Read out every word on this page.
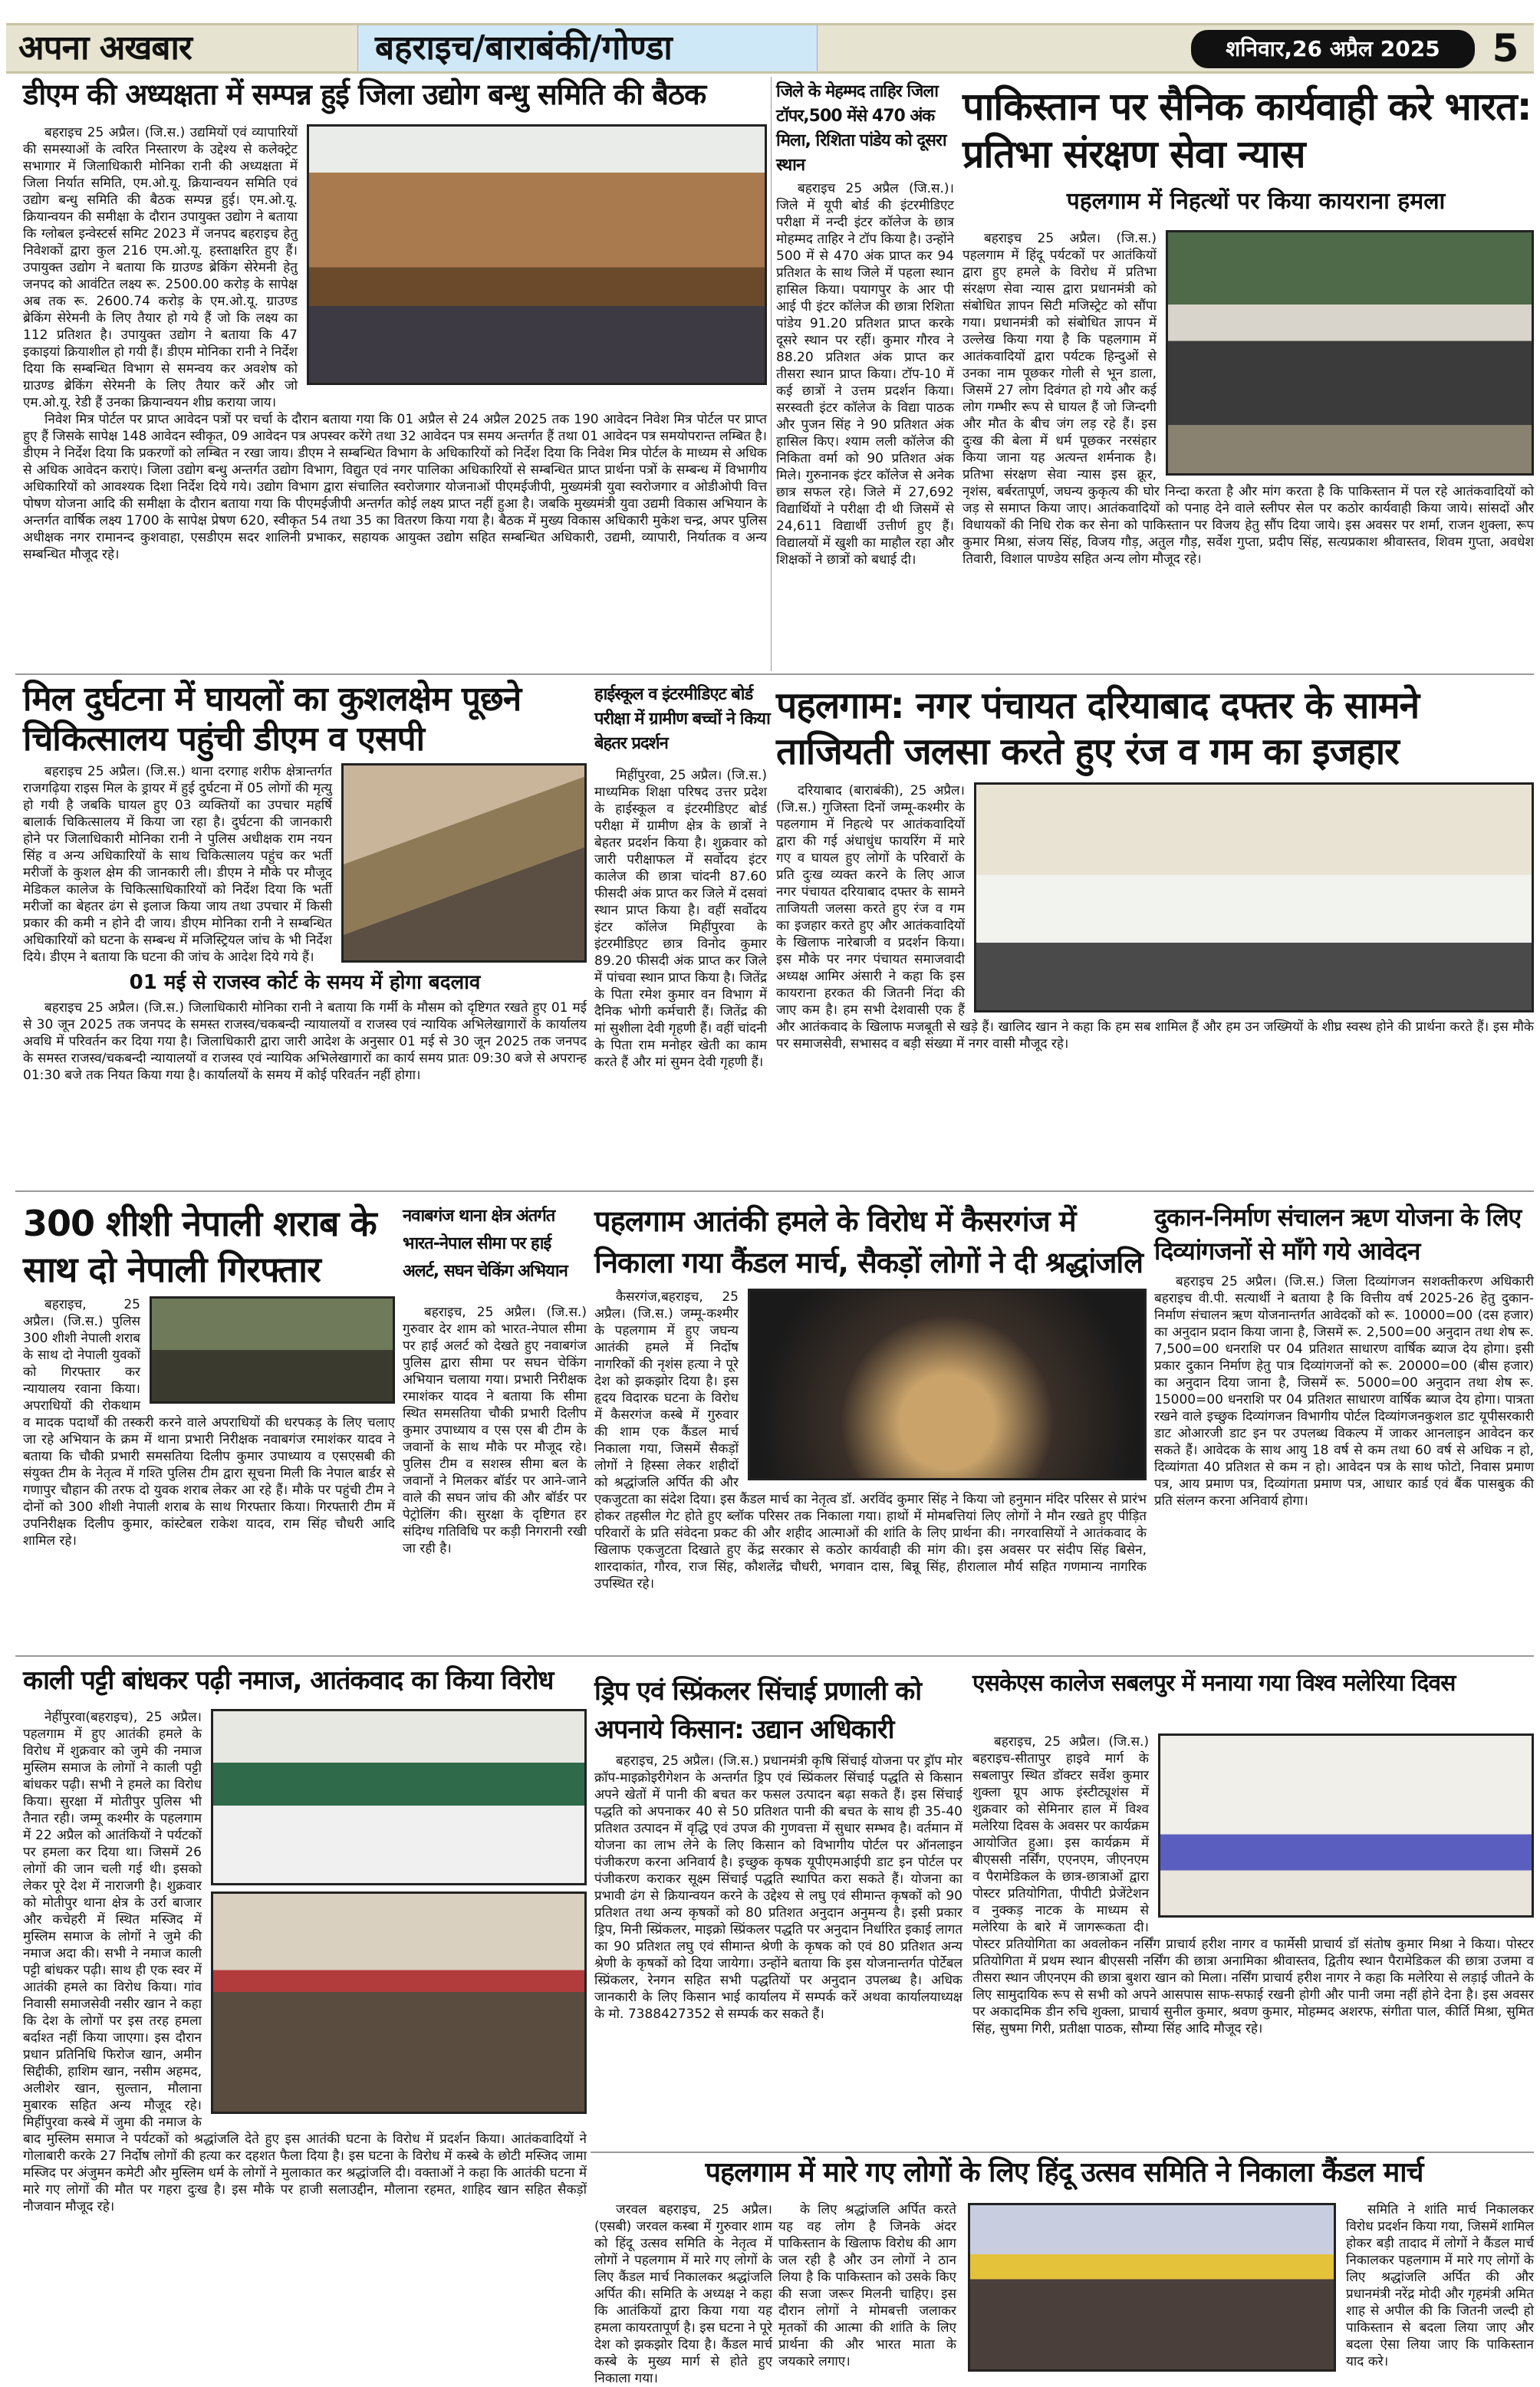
अपना अखबार	बहराइच/बाराबंकी/गोण्डा	शनिवार,26 अप्रैल 2025	5
डीएम की अध्यक्षता में सम्पन्न हुई जिला उद्योग बन्धु समिति की बैठक

बहराइच 25 अप्रैल। (जि.स.) उद्यमियों एवं व्यापारियों की समस्याओं के त्वरित निस्तारण के उद्देश्य से कलेक्ट्रेट सभागार में जिलाधिकारी मोनिका रानी की अध्यक्षता में जिला निर्यात समिति, एम.ओ.यू. क्रियान्वयन समिति एवं उद्योग बन्धु समिति की बैठक सम्पन्न हुई। एम.ओ.यू. क्रियान्वयन की समीक्षा के दौरान उपायुक्त उद्योग ने बताया कि ग्लोबल इन्वेस्टर्स समिट 2023 में जनपद बहराइच हेतु निवेशकों द्वारा कुल 216 एम.ओ.यू. हस्ताक्षरित हुए हैं। उपायुक्त उद्योग ने बताया कि ग्राउण्ड ब्रेकिंग सेरेमनी हेतु जनपद को आवंटित लक्ष्य रू. 2500.00 करोड़ के सापेक्ष अब तक रू. 2600.74 करोड़ के एम.ओ.यू. ग्राउण्ड ब्रेकिंग सेरेमनी के लिए तैयार हो गये हैं जो कि लक्ष्य का 112 प्रतिशत है। उपायुक्त उद्योग ने बताया कि 47 इकाइयां क्रियाशील हो गयी हैं। डीएम मोनिका रानी ने निर्देश दिया कि सम्बन्धित विभाग से समन्वय कर अवशेष को ग्राउण्ड ब्रेकिंग सेरेमनी के लिए तैयार करें और जो एम.ओ.यू. रेडी हैं उनका क्रियान्वयन शीघ्र कराया जाय।

निवेश मित्र पोर्टल पर प्राप्त आवेदन पत्रों पर चर्चा के दौरान बताया गया कि 01 अप्रैल से 24 अप्रैल 2025 तक 190 आवेदन निवेश मित्र पोर्टल पर प्राप्त हुए हैं जिसके सापेक्ष 148 आवेदन स्वीकृत, 09 आवेदन पत्र अपस्वर करेंगे तथा 32 आवेदन पत्र समय अन्तर्गत हैं तथा 01 आवेदन पत्र समयोपरान्त लम्बित है। डीएम ने निर्देश दिया कि प्रकरणों को लम्बित न रखा जाय। डीएम ने सम्बन्धित विभाग के अधिकारियों को निर्देश दिया कि निवेश मित्र पोर्टल के माध्यम से अधिक से अधिक आवेदन कराएं। जिला उद्योग बन्धु अन्तर्गत उद्योग विभाग, विद्युत एवं नगर पालिका अधिकारियों से सम्बन्धित प्राप्त प्रार्थना पत्रों के सम्बन्ध में विभागीय अधिकारियों को आवश्यक दिशा निर्देश दिये गये। उद्योग विभाग द्वारा संचालित स्वरोजगार योजनाओं पीएमईजीपी, मुख्यमंत्री युवा स्वरोजगार व ओडीओपी वित्त पोषण योजना आदि की समीक्षा के दौरान बताया गया कि पीएमईजीपी अन्तर्गत कोई लक्ष्य प्राप्त नहीं हुआ है। जबकि मुख्यमंत्री युवा उद्यमी विकास अभियान के अन्तर्गत वार्षिक लक्ष्य 1700 के सापेक्ष प्रेषण 620, स्वीकृत 54 तथा 35 का वितरण किया गया है। बैठक में मुख्य विकास अधिकारी मुकेश चन्द्र, अपर पुलिस अधीक्षक नगर रामानन्द कुशवाहा, एसडीएम सदर शालिनी प्रभाकर, सहायक आयुक्त उद्योग सहित सम्बन्धित अधिकारी, उद्यमी, व्यापारी, निर्यातक व अन्य सम्बन्धित मौजूद रहे।

जिले के मेहम्मद ताहिर जिला टॉपर,500 मेंसे 470 अंक मिला, रिशिता पांडेय को दूसरा स्थान

बहराइच 25 अप्रैल (जि.स.)। जिले में यूपी बोर्ड की इंटरमीडिएट परीक्षा में नन्दी इंटर कॉलेज के छात्र मोहम्मद ताहिर ने टॉप किया है। उन्होंने 500 में से 470 अंक प्राप्त कर 94 प्रतिशत के साथ जिले में पहला स्थान हासिल किया। पयागपुर के आर पी आई पी इंटर कॉलेज की छात्रा रिशिता पांडेय 91.20 प्रतिशत प्राप्त करके दूसरे स्थान पर रहीं। कुमार गौरव ने 88.20 प्रतिशत अंक प्राप्त कर तीसरा स्थान प्राप्त किया। टॉप-10 में कई छात्रों ने उत्तम प्रदर्शन किया। सरस्वती इंटर कॉलेज के विद्या पाठक और पुजन सिंह ने 90 प्रतिशत अंक हासिल किए। श्याम लली कॉलेज की निकिता वर्मा को 90 प्रतिशत अंक मिले। गुरुनानक इंटर कॉलेज से अनेक छात्र सफल रहे। जिले में 27,692 विद्यार्थियों ने परीक्षा दी थी जिसमें से 24,611 विद्यार्थी उत्तीर्ण हुए हैं। विद्यालयों में खुशी का माहौल रहा और शिक्षकों ने छात्रों को बधाई दी।

पाकिस्तान पर सैनिक कार्यवाही करे भारत: प्रतिभा संरक्षण सेवा न्यास
पहलगाम में निहत्थों पर किया कायराना हमला

बहराइच 25 अप्रैल। (जि.स.) पहलगाम में हिंदू पर्यटकों पर आतंकियों द्वारा हुए हमले के विरोध में प्रतिभा संरक्षण सेवा न्यास द्वारा प्रधानमंत्री को संबोधित ज्ञापन सिटी मजिस्ट्रेट को सौंपा गया। प्रधानमंत्री को संबोधित ज्ञापन में उल्लेख किया गया है कि पहलगाम में आतंकवादियों द्वारा पर्यटक हिन्दुओं से उनका नाम पूछकर गोली से भून डाला, जिसमें 27 लोग दिवंगत हो गये और कई लोग गम्भीर रूप से घायल हैं जो जिन्दगी और मौत के बीच जंग लड़ रहे हैं। इस दुःख की बेला में धर्म पूछकर नरसंहार किया जाना यह अत्यन्त शर्मनाक है। प्रतिभा संरक्षण सेवा न्यास इस क्रूर, नृशंस, बर्बरतापूर्ण, जघन्य कुकृत्य की घोर निन्दा करता है और मांग करता है कि पाकिस्तान में पल रहे आतंकवादियों को जड़ से समाप्त किया जाए। आतंकवादियों को पनाह देने वाले स्लीपर सेल पर कठोर कार्यवाही किया जाये। सांसदों और विधायकों की निधि रोक कर सेना को पाकिस्तान पर विजय हेतु सौंप दिया जाये। इस अवसर पर शर्मा, राजन शुक्ला, रूप कुमार मिश्रा, संजय सिंह, विजय गौड़, अतुल गौड़, सर्वेश गुप्ता, प्रदीप सिंह, सत्यप्रकाश श्रीवास्तव, शिवम गुप्ता, अवधेश तिवारी, विशाल पाण्डेय सहित अन्य लोग मौजूद रहे।

मिल दुर्घटना में घायलों का कुशलक्षेम पूछने चिकित्सालय पहुंची डीएम व एसपी

बहराइच 25 अप्रैल। (जि.स.) थाना दरगाह शरीफ क्षेत्रान्तर्गत राजगढ़िया राइस मिल के ड्रायर में हुई दुर्घटना में 05 लोगों की मृत्यु हो गयी है जबकि घायल हुए 03 व्यक्तियों का उपचार महर्षि बालार्क चिकित्सालय में किया जा रहा है। दुर्घटना की जानकारी होने पर जिलाधिकारी मोनिका रानी ने पुलिस अधीक्षक राम नयन सिंह व अन्य अधिकारियों के साथ चिकित्सालय पहुंच कर भर्ती मरीजों के कुशल क्षेम की जानकारी ली। डीएम ने मौके पर मौजूद मेडिकल कालेज के चिकित्साधिकारियों को निर्देश दिया कि भर्ती मरीजों का बेहतर ढंग से इलाज किया जाय तथा उपचार में किसी प्रकार की कमी न होने दी जाय। डीएम मोनिका रानी ने सम्बन्धित अधिकारियों को घटना के सम्बन्ध में मजिस्ट्रियल जांच के भी निर्देश दिये। डीएम ने बताया कि घटना की जांच के आदेश दिये गये हैं।

01 मई से राजस्व कोर्ट के समय में होगा बदलाव

बहराइच 25 अप्रैल। (जि.स.) जिलाधिकारी मोनिका रानी ने बताया कि गर्मी के मौसम को दृष्टिगत रखते हुए 01 मई से 30 जून 2025 तक जनपद के समस्त राजस्व/चकबन्दी न्यायालयों व राजस्व एवं न्यायिक अभिलेखागारों के कार्यालय अवधि में परिवर्तन कर दिया गया है। जिलाधिकारी द्वारा जारी आदेश के अनुसार 01 मई से 30 जून 2025 तक जनपद के समस्त राजस्व/चकबन्दी न्यायालयों व राजस्व एवं न्यायिक अभिलेखागारों का कार्य समय प्रातः 09:30 बजे से अपरान्ह 01:30 बजे तक नियत किया गया है। कार्यालयों के समय में कोई परिवर्तन नहीं होगा।

हाईस्कूल व इंटरमीडिएट बोर्ड परीक्षा में ग्रामीण बच्चों ने किया बेहतर प्रदर्शन

मिहींपुरवा, 25 अप्रैल। (जि.स.) माध्यमिक शिक्षा परिषद उत्तर प्रदेश के हाईस्कूल व इंटरमीडिएट बोर्ड परीक्षा में ग्रामीण क्षेत्र के छात्रों ने बेहतर प्रदर्शन किया है। शुक्रवार को जारी परीक्षाफल में सर्वोदय इंटर कालेज की छात्रा चांदनी 87.60 फीसदी अंक प्राप्त कर जिले में दसवां स्थान प्राप्त किया है। वहीं सर्वोदय इंटर कॉलेज मिहींपुरवा के इंटरमीडिएट छात्र विनोद कुमार 89.20 फीसदी अंक प्राप्त कर जिले में पांचवा स्थान प्राप्त किया है। जितेंद्र के पिता रमेश कुमार वन विभाग में दैनिक भोगी कर्मचारी हैं। जितेंद्र की मां सुशीला देवी गृहणी हैं। वहीं चांदनी के पिता राम मनोहर खेती का काम करते हैं और मां सुमन देवी गृहणी हैं।

पहलगाम: नगर पंचायत दरियाबाद दफ्तर के सामने ताजियती जलसा करते हुए रंज व गम का इजहार

दरियाबाद (बाराबंकी), 25 अप्रैल। (जि.स.) गुजिस्ता दिनों जम्मू-कश्मीर के पहलगाम में निहत्थे पर आतंकवादियों द्वारा की गई अंधाधुंध फायरिंग में मारे गए व घायल हुए लोगों के परिवारों के प्रति दुःख व्यक्त करने के लिए आज नगर पंचायत दरियाबाद दफ्तर के सामने ताजियती जलसा करते हुए रंज व गम का इजहार करते हुए और आतंकवादियों के खिलाफ नारेबाजी व प्रदर्शन किया। इस मौके पर नगर पंचायत समाजवादी अध्यक्ष आमिर अंसारी ने कहा कि इस कायराना हरकत की जितनी निंदा की जाए कम है। हम सभी देशवासी एक हैं और आतंकवाद के खिलाफ मजबूती से खड़े हैं। खालिद खान ने कहा कि हम सब शामिल हैं और हम उन जख्मियों के शीघ्र स्वस्थ होने की प्रार्थना करते हैं। इस मौके पर समाजसेवी, सभासद व बड़ी संख्या में नगर वासी मौजूद रहे।

300 शीशी नेपाली शराब के साथ दो नेपाली गिरफ्तार

बहराइच, 25 अप्रैल। (जि.स.) पुलिस 300 शीशी नेपाली शराब के साथ दो नेपाली युवकों को गिरफ्तार कर न्यायालय रवाना किया। अपराधियों की रोकथाम व मादक पदार्थों की तस्करी करने वाले अपराधियों की धरपकड़ के लिए चलाए जा रहे अभियान के क्रम में थाना प्रभारी निरीक्षक नवाबगंज रमाशंकर यादव ने बताया कि चौकी प्रभारी समसतिया दिलीप कुमार उपाध्याय व एसएसबी की संयुक्त टीम के नेतृत्व में गश्ति पुलिस टीम द्वारा सूचना मिली कि नेपाल बार्डर से गणापुर चौहान की तरफ दो युवक शराब लेकर आ रहे हैं। मौके पर पहुंची टीम ने दोनों को 300 शीशी नेपाली शराब के साथ गिरफ्तार किया। गिरफ्तारी टीम में उपनिरीक्षक दिलीप कुमार, कांस्टेबल राकेश यादव, राम सिंह चौधरी आदि शामिल रहे।

नवाबगंज थाना क्षेत्र अंतर्गत भारत-नेपाल सीमा पर हाई अलर्ट, सघन चेकिंग अभियान

बहराइच, 25 अप्रैल। (जि.स.) गुरुवार देर शाम को भारत-नेपाल सीमा पर हाई अलर्ट को देखते हुए नवाबगंज पुलिस द्वारा सीमा पर सघन चेकिंग अभियान चलाया गया। प्रभारी निरीक्षक रमाशंकर यादव ने बताया कि सीमा स्थित समसतिया चौकी प्रभारी दिलीप कुमार उपाध्याय व एस एस बी टीम के जवानों के साथ मौके पर मौजूद रहे। पुलिस टीम व सशस्त्र सीमा बल के जवानों ने मिलकर बॉर्डर पर आने-जाने वाले की सघन जांच की और बॉर्डर पर पेट्रोलिंग की। सुरक्षा के दृष्टिगत हर संदिग्ध गतिविधि पर कड़ी निगरानी रखी जा रही है।

पहलगाम आतंकी हमले के विरोध में कैसरगंज में निकाला गया कैंडल मार्च, सैकड़ों लोगों ने दी श्रद्धांजलि

कैसरगंज,बहराइच, 25 अप्रैल। (जि.स.) जम्मू-कश्मीर के पहलगाम में हुए जघन्य आतंकी हमले में निर्दोष नागरिकों की नृशंस हत्या ने पूरे देश को झकझोर दिया है। इस हृदय विदारक घटना के विरोध में कैसरगंज कस्बे में गुरुवार की शाम एक कैंडल मार्च निकाला गया, जिसमें सैकड़ों लोगों ने हिस्सा लेकर शहीदों को श्रद्धांजलि अर्पित की और एकजुटता का संदेश दिया। इस कैंडल मार्च का नेतृत्व डॉ. अरविंद कुमार सिंह ने किया जो हनुमान मंदिर परिसर से प्रारंभ होकर तहसील गेट होते हुए ब्लॉक परिसर तक निकाला गया। हाथों में मोमबत्तियां लिए लोगों ने मौन रखते हुए पीड़ित परिवारों के प्रति संवेदना प्रकट की और शहीद आत्माओं की शांति के लिए प्रार्थना की। नगरवासियों ने आतंकवाद के खिलाफ एकजुटता दिखाते हुए केंद्र सरकार से कठोर कार्यवाही की मांग की। इस अवसर पर संदीप सिंह बिसेन, शारदाकांत, गौरव, राज सिंह, कौशलेंद्र चौधरी, भगवान दास, बिन्नू सिंह, हीरालाल मौर्य सहित गणमान्य नागरिक उपस्थित रहे।

दुकान-निर्माण संचालन ऋण योजना के लिए दिव्यांगजनों से माँगे गये आवेदन

बहराइच 25 अप्रैल। (जि.स.) जिला दिव्यांगजन सशक्तीकरण अधिकारी बहराइच वी.पी. सत्यार्थी ने बताया है कि वित्तीय वर्ष 2025-26 हेतु दुकान-निर्माण संचालन ऋण योजनान्तर्गत आवेदकों को रू. 10000=00 (दस हजार) का अनुदान प्रदान किया जाना है, जिसमें रू. 2,500=00 अनुदान तथा शेष रू. 7,500=00 धनराशि पर 04 प्रतिशत साधारण वार्षिक ब्याज देय होगा। इसी प्रकार दुकान निर्माण हेतु पात्र दिव्यांगजनों को रू. 20000=00 (बीस हजार) का अनुदान दिया जाना है, जिसमें रू. 5000=00 अनुदान तथा शेष रू. 15000=00 धनराशि पर 04 प्रतिशत साधारण वार्षिक ब्याज देय होगा। पात्रता रखने वाले इच्छुक दिव्यांगजन विभागीय पोर्टल दिव्यांगजनकुशल डाट यूपीसरकारी डाट ओआरजी डाट इन पर उपलब्ध विकल्प में जाकर आनलाइन आवेदन कर सकते हैं। आवेदक के साथ आयु 18 वर्ष से कम तथा 60 वर्ष से अधिक न हो, दिव्यांगता 40 प्रतिशत से कम न हो। आवेदन पत्र के साथ फोटो, निवास प्रमाण पत्र, आय प्रमाण पत्र, दिव्यांगता प्रमाण पत्र, आधार कार्ड एवं बैंक पासबुक की प्रति संलग्न करना अनिवार्य होगा।

काली पट्टी बांधकर पढ़ी नमाज, आतंकवाद का किया विरोध

नेहींपुरवा(बहराइच), 25 अप्रैल। पहलगाम में हुए आतंकी हमले के विरोध में शुक्रवार को जुमे की नमाज मुस्लिम समाज के लोगों ने काली पट्टी बांधकर पढ़ी। सभी ने हमले का विरोध किया। सुरक्षा में मोतीपुर पुलिस भी तैनात रही। जम्मू कश्मीर के पहलगाम में 22 अप्रैल को आतंकियों ने पर्यटकों पर हमला कर दिया था। जिसमें 26 लोगों की जान चली गई थी। इसको लेकर पूरे देश में नाराजगी है। शुक्रवार को मोतीपुर थाना क्षेत्र के उर्रा बाजार और कचेहरी में स्थित मस्जिद में मुस्लिम समाज के लोगों ने जुमे की नमाज अदा की। सभी ने नमाज काली पट्टी बांधकर पढ़ी। साथ ही एक स्वर में आतंकी हमले का विरोध किया। गांव निवासी समाजसेवी नसीर खान ने कहा कि देश के लोगों पर इस तरह हमला बर्दाश्त नहीं किया जाएगा। इस दौरान प्रधान प्रतिनिधि फिरोज खान, अमीन सिद्दीकी, हाशिम खान, नसीम अहमद, अलीशेर खान, सुल्तान, मौलाना मुबारक सहित अन्य मौजूद रहे। मिहींपुरवा कस्बे में जुमा की नमाज के बाद मुस्लिम समाज ने पर्यटकों को श्रद्धांजलि देते हुए इस आतंकी घटना के विरोध में प्रदर्शन किया। आतंकवादियों ने गोलाबारी करके 27 निर्दोष लोगों की हत्या कर दहशत फैला दिया है। इस घटना के विरोध में कस्बे के छोटी मस्जिद जामा मस्जिद पर अंजुमन कमेटी और मुस्लिम धर्म के लोगों ने मुलाकात कर श्रद्धांजलि दी। वक्ताओं ने कहा कि आतंकी घटना में मारे गए लोगों की मौत पर गहरा दुःख है। इस मौके पर हाजी सलाउद्दीन, मौलाना रहमत, शाहिद खान सहित सैकड़ों नौजवान मौजूद रहे।

ड्रिप एवं स्प्रिंकलर सिंचाई प्रणाली को अपनाये किसान: उद्यान अधिकारी

बहराइच, 25 अप्रैल। (जि.स.) प्रधानमंत्री कृषि सिंचाई योजना पर ड्रॉप मोर क्रॉप-माइक्रोइरीगेशन के अन्तर्गत ड्रिप एवं स्प्रिंकलर सिंचाई पद्धति से किसान अपने खेतों में पानी की बचत कर फसल उत्पादन बढ़ा सकते हैं। इस सिंचाई पद्धति को अपनाकर 40 से 50 प्रतिशत पानी की बचत के साथ ही 35-40 प्रतिशत उत्पादन में वृद्धि एवं उपज की गुणवत्ता में सुधार सम्भव है। वर्तमान में योजना का लाभ लेने के लिए किसान को विभागीय पोर्टल पर ऑनलाइन पंजीकरण करना अनिवार्य है। इच्छुक कृषक यूपीएमआईपी डाट इन पोर्टल पर पंजीकरण कराकर सूक्ष्म सिंचाई पद्धति स्थापित करा सकते हैं। योजना का प्रभावी ढंग से क्रियान्वयन करने के उद्देश्य से लघु एवं सीमान्त कृषकों को 90 प्रतिशत तथा अन्य कृषकों को 80 प्रतिशत अनुदान अनुमन्य है। इसी प्रकार ड्रिप, मिनी स्प्रिंकलर, माइक्रो स्प्रिंकलर पद्धति पर अनुदान निर्धारित इकाई लागत का 90 प्रतिशत लघु एवं सीमान्त श्रेणी के कृषक को एवं 80 प्रतिशत अन्य श्रेणी के कृषकों को दिया जायेगा। उन्होंने बताया कि इस योजनान्तर्गत पोर्टेबल स्प्रिंकलर, रेनगन सहित सभी पद्धतियों पर अनुदान उपलब्ध है। अधिक जानकारी के लिए किसान भाई कार्यालय में सम्पर्क करें अथवा कार्यालयाध्यक्ष के मो. 7388427352 से सम्पर्क कर सकते हैं।

एसकेएस कालेज सबलपुर में मनाया गया विश्व मलेरिया दिवस

बहराइच, 25 अप्रैल। (जि.स.) बहराइच-सीतापुर हाइवे मार्ग के सबलापुर स्थित डॉक्टर सर्वेश कुमार शुक्ला ग्रूप आफ इंस्टीट्यूशंस में शुक्रवार को सेमिनार हाल में विश्व मलेरिया दिवस के अवसर पर कार्यक्रम आयोजित हुआ। इस कार्यक्रम में बीएससी नर्सिंग, एएनएम, जीएनएम व पैरामेडिकल के छात्र-छात्राओं द्वारा पोस्टर प्रतियोगिता, पीपीटी प्रेजेंटेशन व नुक्कड़ नाटक के माध्यम से मलेरिया के बारे में जागरूकता दी। पोस्टर प्रतियोगिता का अवलोकन नर्सिंग प्राचार्य हरीश नागर व फार्मेसी प्राचार्य डॉ संतोष कुमार मिश्रा ने किया। पोस्टर प्रतियोगिता में प्रथम स्थान बीएससी नर्सिंग की छात्रा अनामिका श्रीवास्तव, द्वितीय स्थान पैरामेडिकल की छात्रा उजमा व तीसरा स्थान जीएनएम की छात्रा बुशरा खान को मिला। नर्सिंग प्राचार्य हरीश नागर ने कहा कि मलेरिया से लड़ाई जीतने के लिए सामुदायिक रूप से सभी को अपने आसपास साफ-सफाई रखनी होगी और पानी जमा नहीं होने देना है। इस अवसर पर अकादमिक डीन रुचि शुक्ला, प्राचार्य सुनील कुमार, श्रवण कुमार, मोहम्मद अशरफ, संगीता पाल, कीर्ति मिश्रा, सुमित सिंह, सुषमा गिरी, प्रतीक्षा पाठक, सौम्या सिंह आदि मौजूद रहे।

पहलगाम में मारे गए लोगों के लिए हिंदू उत्सव समिति ने निकाला कैंडल मार्च

जरवल बहराइच, 25 अप्रैल। (एसबी) जरवल कस्बा में गुरुवार शाम को हिंदू उत्सव समिति के नेतृत्व में लोगों ने पहलगाम में मारे गए लोगों के लिए कैंडल मार्च निकालकर श्रद्धांजलि अर्पित की। समिति के अध्यक्ष ने कहा कि आतंकियों द्वारा किया गया यह हमला कायरतापूर्ण है। इस घटना ने पूरे देश को झकझोर दिया है। कैंडल मार्च कस्बे के मुख्य मार्ग से होते हुए निकाला गया।

के लिए श्रद्धांजलि अर्पित करते यह वह लोग है जिनके अंदर पाकिस्तान के खिलाफ विरोध की आग जल रही है और उन लोगों ने ठान लिया है कि पाकिस्तान को उसके किए की सजा जरूर मिलनी चाहिए। इस दौरान लोगों ने मोमबत्ती जलाकर मृतकों की आत्मा की शांति के लिए प्रार्थना की और भारत माता के जयकारे लगाए।

समिति ने शांति मार्च निकालकर विरोध प्रदर्शन किया गया, जिसमें शामिल होकर बड़ी तादाद में लोगों ने कैंडल मार्च निकालकर पहलगाम में मारे गए लोगों के लिए श्रद्धांजलि अर्पित की और प्रधानमंत्री नरेंद्र मोदी और गृहमंत्री अमित शाह से अपील की कि जितनी जल्दी हो पाकिस्तान से बदला लिया जाए और बदला ऐसा लिया जाए कि पाकिस्तान याद करे।
